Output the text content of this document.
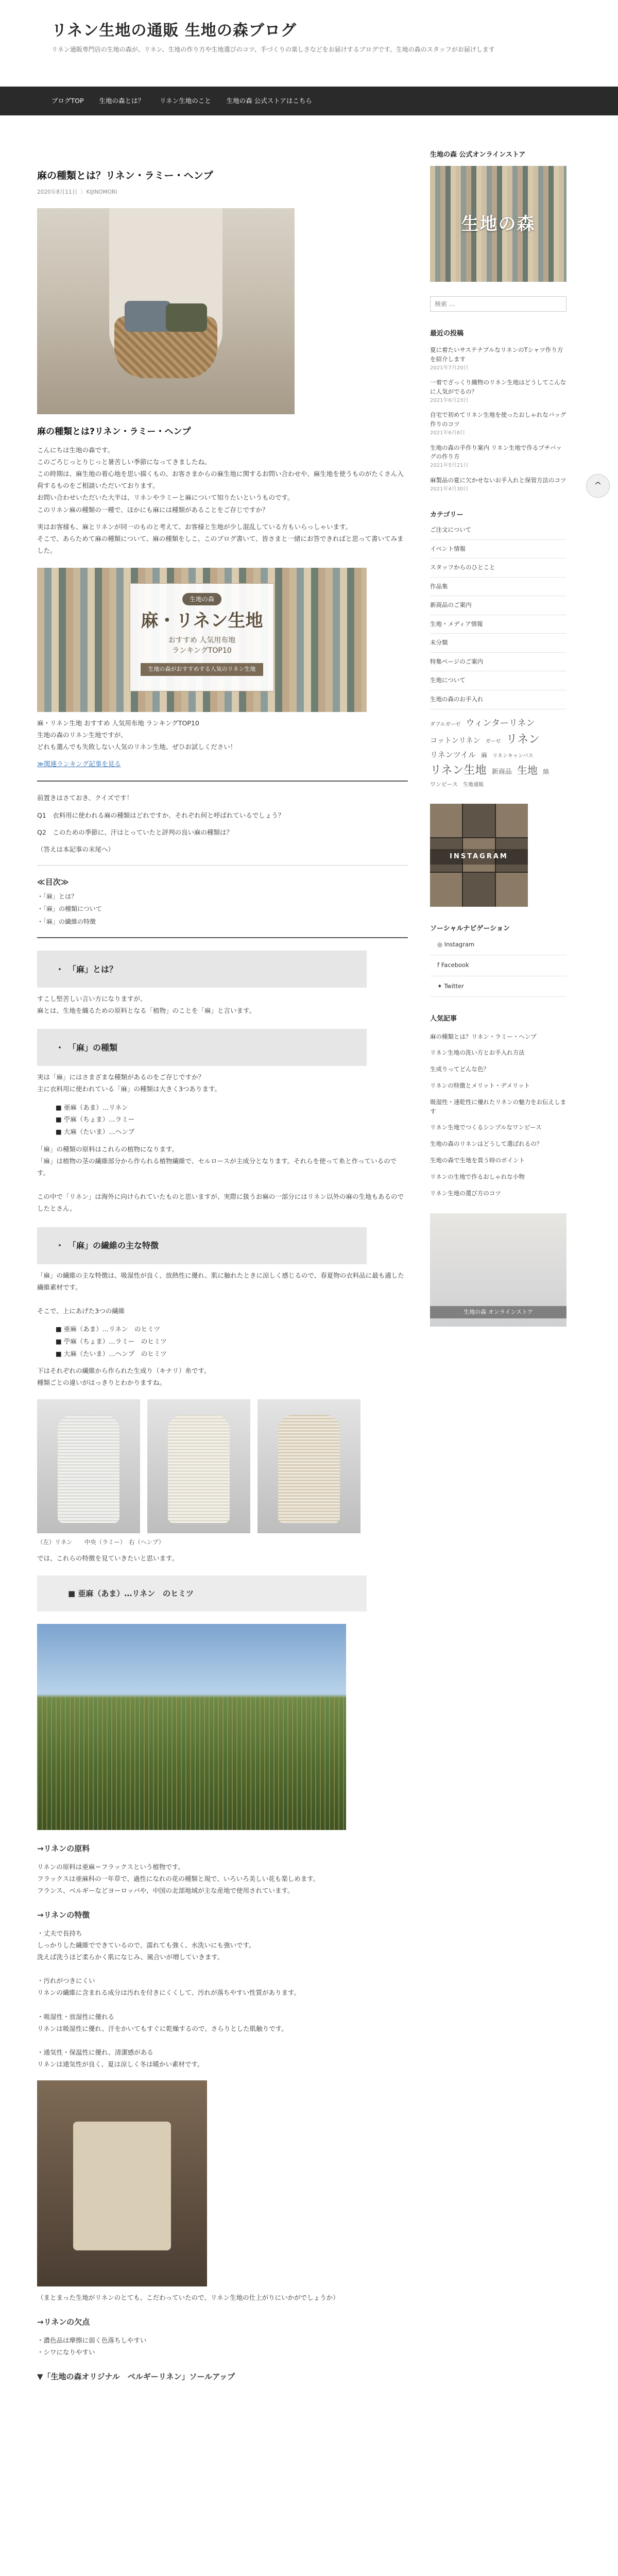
リネン生地の通販 生地の森ブログ
リネン通販専門店の生地の森が、リネン、生地の作り方や生地選びのコツ、手づくりの楽しさなどをお届けするブログです。生地の森のスタッフがお届けします
ブログTOP 生地の森とは？ リネン生地のこと 生地の森 公式ストアはこちら
麻の種類とは？リネン・ラミー・ヘンプ
2020年8月11日 ｜ KIJINOMORI
麻の種類とは?リネン・ラミー・ヘンプ

こんにちは生地の森です。
このごろじっとりじっと暑苦しい季節になってきましたね。
この時期は、麻生地の着心地を思い描くもの、お客さまからの麻生地に関するお問い合わせや、麻生地を使うものがたくさん入荷するものをご相談いただいております。
お問い合わせいただいた大半は、リネンやラミーと麻について知りたいというものです。
このリネン麻の種類の一種で、ほかにも麻には種類があることをご存じですか？

実はお客様も、麻とリネンが同一のものと考えて、お客様と生地が少し混乱している方もいらっしゃいます。
そこで、あらためて麻の種類について、麻の種類をしこ、このブログ書いて、皆さまと一緒にお答できればと思って書いてみました。

生地の森
麻・リネン生地
おすすめ 人気用布地
ランキングTOP10
生地の森がおすすめする人気のリネン生地

麻・リネン生地 おすすめ 人気用布地 ランキングTOP10
生地の森のリネン生地ですが、
どれも選んでも失敗しない人気のリネン生地、ぜひお試しください！

≫関連ランキング記事を見る

前置きはさておき、クイズです！

Q1　衣料用に使われる麻の種類はどれですか、それぞれ何と呼ばれているでしょう？

Q2　このための季節に、汗はとっていたと評判の良い麻の種類は？

（答えは本記事の末尾へ）

≪目次≫
・「麻」とは？
・「麻」の種類について
・「麻」の繊維の特徴
・ 「麻」とは？

すこし堅苦しい言い方になりますが、
麻とは、生地を織るための原料となる「植物」のことを「麻」と言います。

・ 「麻」の種類

実は「麻」にはさまざまな種類があるのをご存じですか？
主に衣料用に使われている「麻」の種類は大きく3つあります。

■ 亜麻（あま）…リネン
■ 苧麻（ちょま）…ラミー
■ 大麻（たいま）…ヘンプ

「麻」の種類の原料はこれらの植物になります。
「麻」は植物の茎の繊維部分から作られる植物繊維で、セルロースが主成分となります。それらを使って糸と作っているのです。

この中で「リネン」は海外に向けられていたものと思いますが、実際に扱うお麻の一部分にはリネン以外の麻の生地もあるのでしたとさん。

・ 「麻」の繊維の主な特徴

「麻」の繊維の主な特徴は、吸湿性が良く、放熱性に優れ、肌に触れたときに涼しく感じるので、春夏物の衣料品に最も適した繊維素材です。

そこで、上にあげた3つの繊維

■ 亜麻（あま）…リネン　のヒミツ
■ 苧麻（ちょま）…ラミー　のヒミツ
■ 大麻（たいま）…ヘンプ　のヒミツ

下はそれぞれの繊維から作られた生成り（キナリ）糸です。
種類ごとの違いがはっきりとわかりますね。

（左）リネン　　中央（ラミー）　右（ヘンプ）

では、これらの特徴を見ていきたいと思います。

■ 亜麻（あま）…リネン　のヒミツ
→リネンの原料

リネンの原料は亜麻＝フラックスという植物です。
フラックスは亜麻科の一年草で、過性になれの花の種類と現で、いろいろ美しい花も楽しめます。
フランス、ベルギーなどヨーロッパや、中国の北部地域が主な産地で使用されています。

→リネンの特徴

・丈夫で長持ち
しっかりした繊維でできているので、濡れても強く、水洗いにも強いです。
洗えば洗うほど柔らかく肌になじみ、風合いが増していきます。

・汚れがつきにくい
リネンの繊維に含まれる成分は汚れを付きにくくして、汚れが落ちやすい性質があります。

・吸湿性・放湿性に優れる
リネンは吸湿性に優れ、汗をかいてもすぐに乾燥するので、さらりとした肌触りです。

・通気性・保温性に優れ、清潔感がある
リネンは通気性が良く、夏は涼しく冬は暖かい素材です。

（まとまった生地がリネンのとても、こだわっていたので、リネン生地の仕上がりにいかがでしょうか）

→リネンの欠点

・濃色品は摩擦に弱く色落ちしやすい
・シワになりやすい

▼「生地の森オリジナル　ベルギーリネン」ソールアップ
生地の森 公式オンラインストア
生地の森
検索 …
最近の投稿
夏に着たいサステナブルなリネンのTシャツ作り方を紹介します
2021年7月20日
一着でざっくり織物のリネン生地はどうしてこんなに人気がでるの？
2021年6月23日
自宅で初めてリネン生地を使ったおしゃれなバッグ作りのコツ
2021年6月8日
生地の森の手作り案内 リネン生地で作るプチバッグの作り方
2021年5月21日
麻製品の夏に欠かせないお手入れと保管方法のコツ
2021年4月30日
カテゴリー
ご注文について
イベント情報
スタッフからのひとこと
作品集
新商品のご案内
生地・メディア情報
未分類
特集ページのご案内
生地について
生地の森のお手入れ
ダブルガーゼ ウィンターリネン コットンリネン ガーゼ リネン リネンツイル 麻 リネンキャンバス リネン生地 新商品 生地 綿 ワンピース 生地通販
INSTAGRAM
ソーシャルナビゲーション
◎ Instagram
f Facebook
✦ Twitter
人気記事
麻の種類とは？リネン・ラミー・ヘンプ
リネン生地の洗い方とお手入れ方法
生成りってどんな色？
リネンの特徴とメリット・デメリット
吸湿性・速乾性に優れたリネンの魅力をお伝えします
リネン生地でつくるシンプルなワンピース
生地の森のリネンはどうして選ばれるの？
生地の森で生地を買う時のポイント
リネンの生地で作るおしゃれな小物
リネン生地の選び方のコツ
生地の森 オンラインストア
^
